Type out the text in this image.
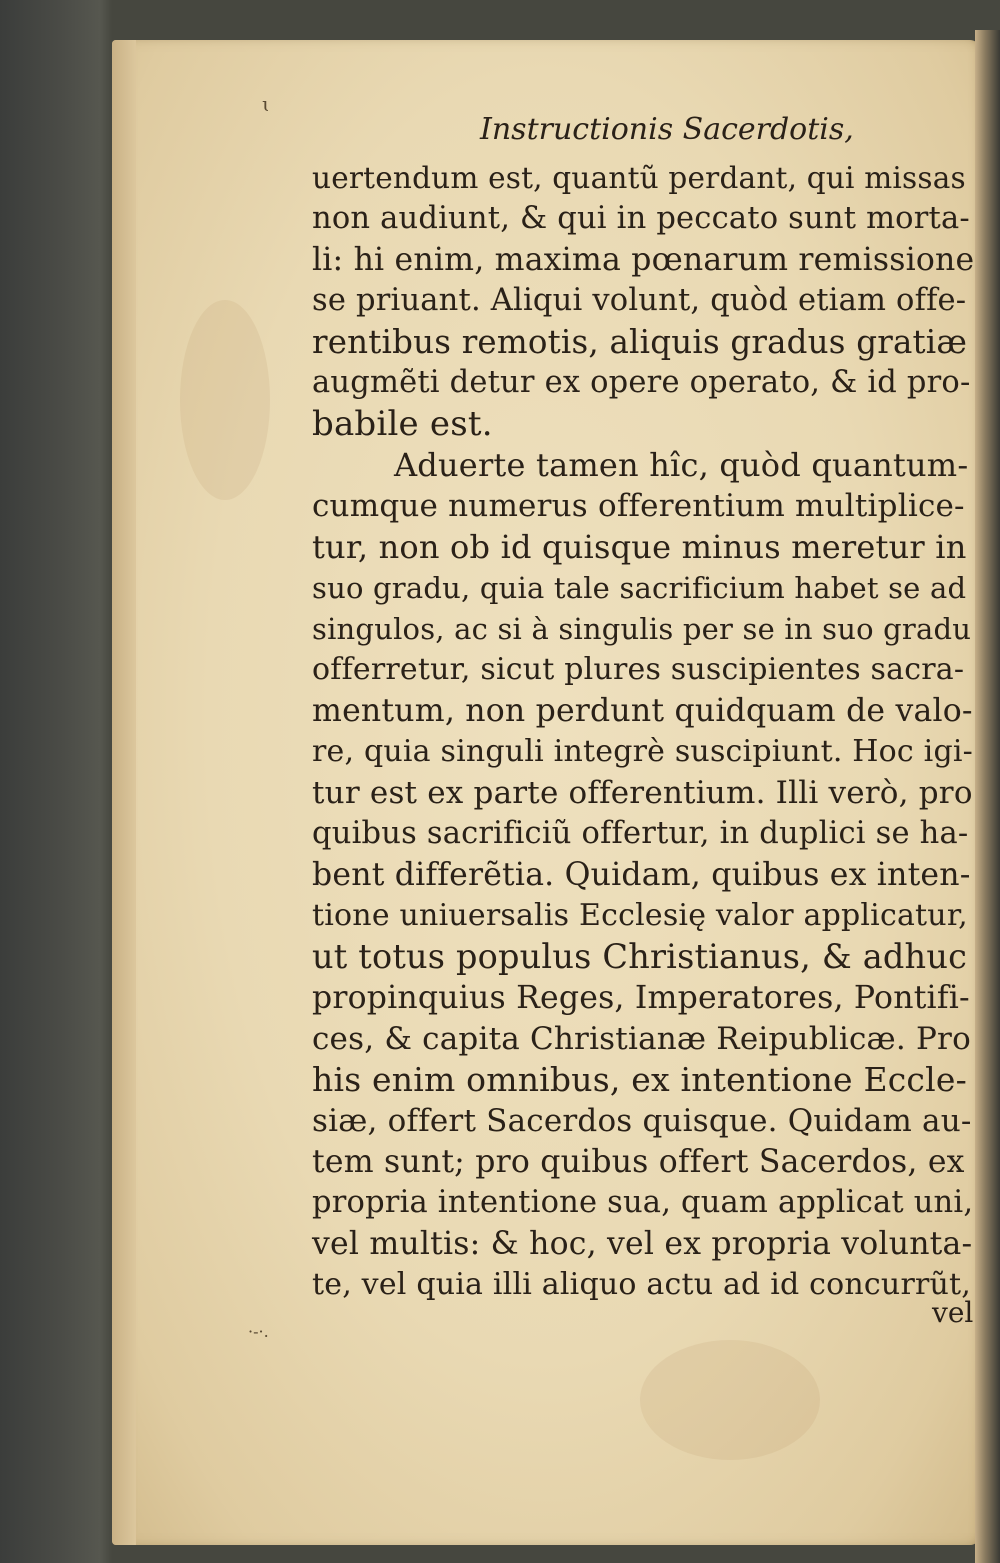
ɩ
·-·.
Instructionis Sacerdotis,
uertendum est, quantũ perdant, qui missas
non audiunt, & qui in peccato sunt morta-
li: hi enim, maxima pœnarum remissione
se priuant. Aliqui volunt, quòd etiam offe-
rentibus remotis, aliquis gradus gratiæ
augmẽti detur ex opere operato, & id pro-
babile est.
Aduerte tamen hîc, quòd quantum-
cumque numerus offerentium multiplice-
tur, non ob id quisque minus meretur in
suo gradu, quia tale sacrificium habet se ad
singulos, ac si à singulis per se in suo gradu
offerretur, sicut plures suscipientes sacra-
mentum, non perdunt quidquam de valo-
re, quia singuli integrè suscipiunt. Hoc igi-
tur est ex parte offerentium. Illi verò, pro
quibus sacrificiũ offertur, in duplici se ha-
bent differẽtia. Quidam, quibus ex inten-
tione uniuersalis Ecclesię valor applicatur,
ut totus populus Christianus, & adhuc
propinquius Reges, Imperatores, Pontifi-
ces, & capita Christianæ Reipublicæ. Pro
his enim omnibus, ex intentione Eccle-
siæ, offert Sacerdos quisque. Quidam au-
tem sunt; pro quibus offert Sacerdos, ex
propria intentione sua, quam applicat uni,
vel multis: & hoc, vel ex propria volunta-
te, vel quia illi aliquo actu ad id concurrũt,
vel
